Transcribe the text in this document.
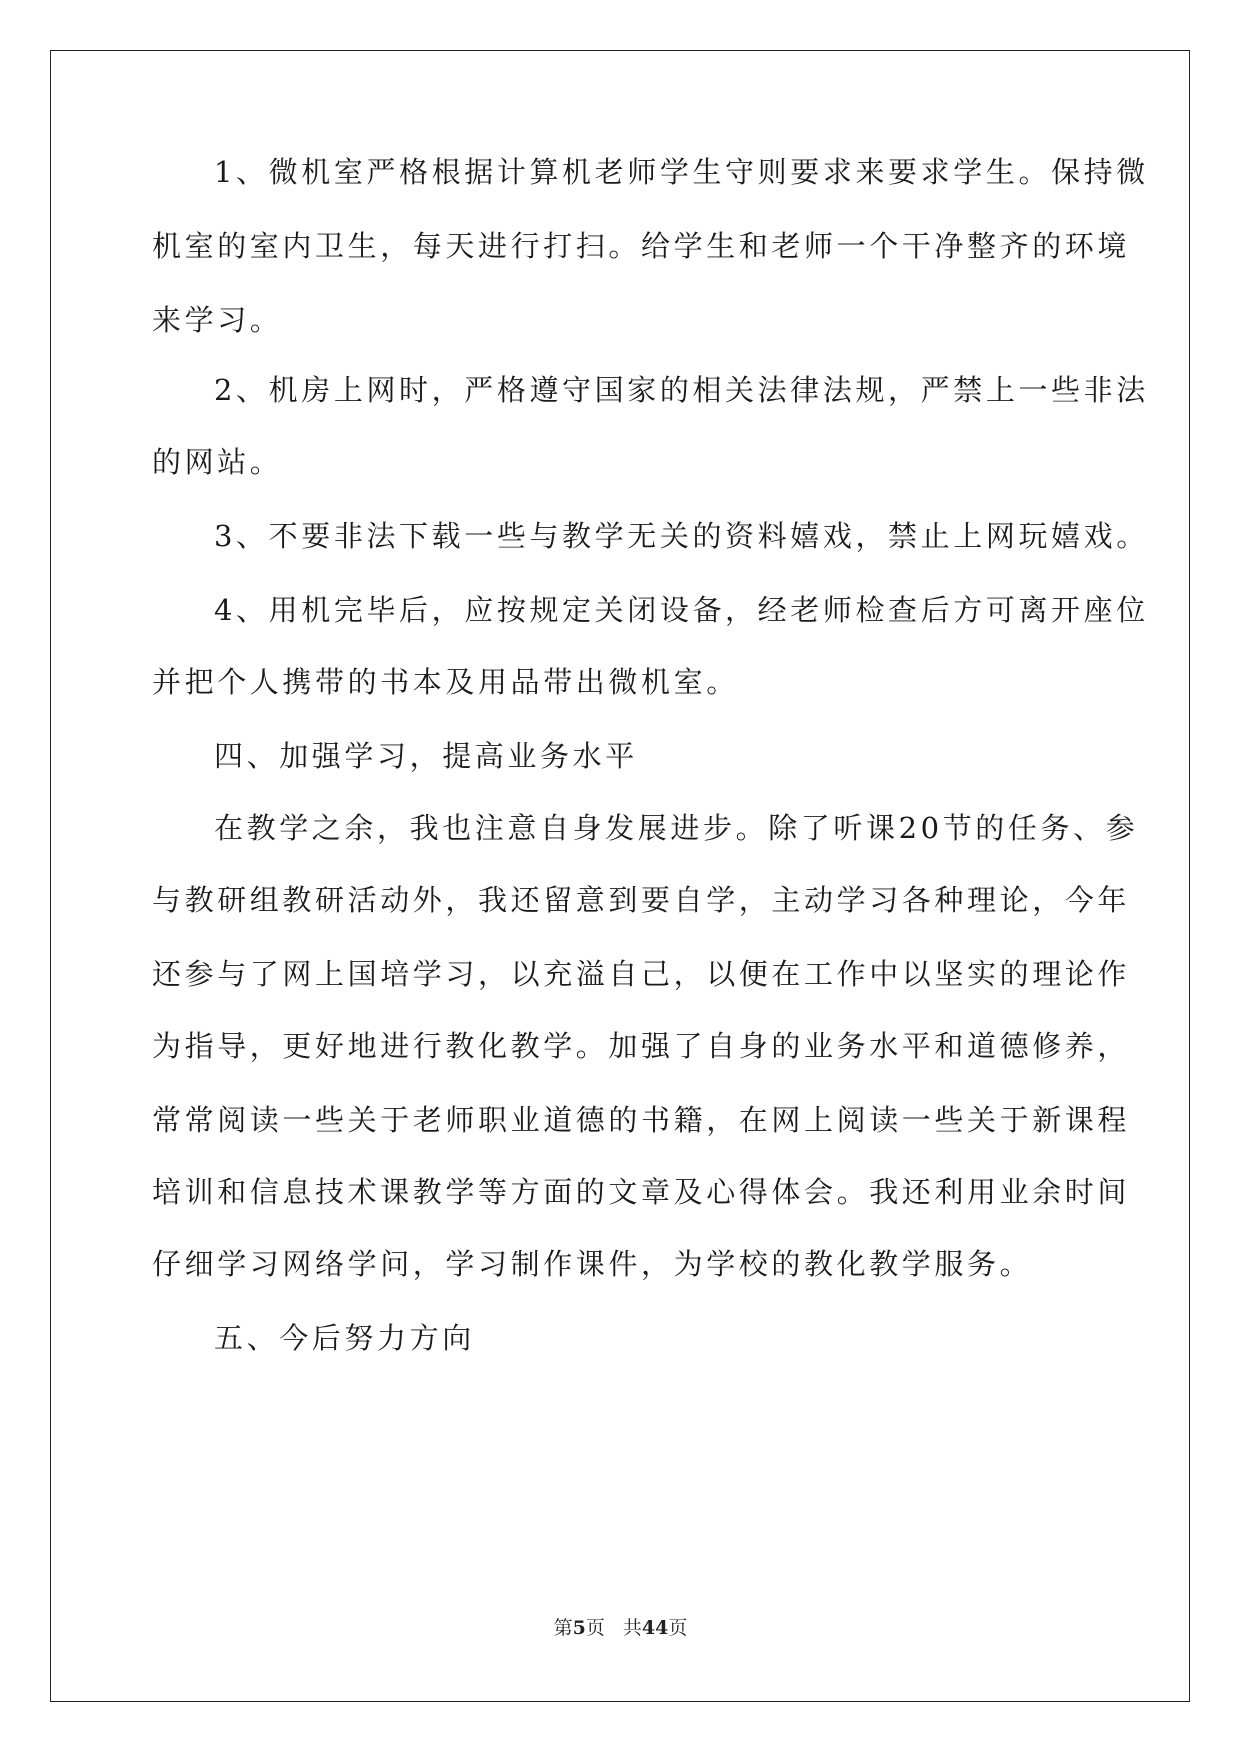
1、微机室严格根据计算机老师学生守则要求来要求学生。保持微
机室的室内卫生，每天进行打扫。给学生和老师一个干净整齐的环境
来学习。
2、机房上网时，严格遵守国家的相关法律法规，严禁上一些非法
的网站。
3、不要非法下载一些与教学无关的资料嬉戏，禁止上网玩嬉戏。
4、用机完毕后，应按规定关闭设备，经老师检查后方可离开座位
并把个人携带的书本及用品带出微机室。
四、加强学习，提高业务水平
在教学之余，我也注意自身发展进步。除了听课20节的任务、参
与教研组教研活动外，我还留意到要自学，主动学习各种理论，今年
还参与了网上国培学习，以充溢自己，以便在工作中以坚实的理论作
为指导，更好地进行教化教学。加强了自身的业务水平和道德修养，
常常阅读一些关于老师职业道德的书籍，在网上阅读一些关于新课程
培训和信息技术课教学等方面的文章及心得体会。我还利用业余时间
仔细学习网络学问，学习制作课件，为学校的教化教学服务。
五、今后努力方向
第5页 共44页
